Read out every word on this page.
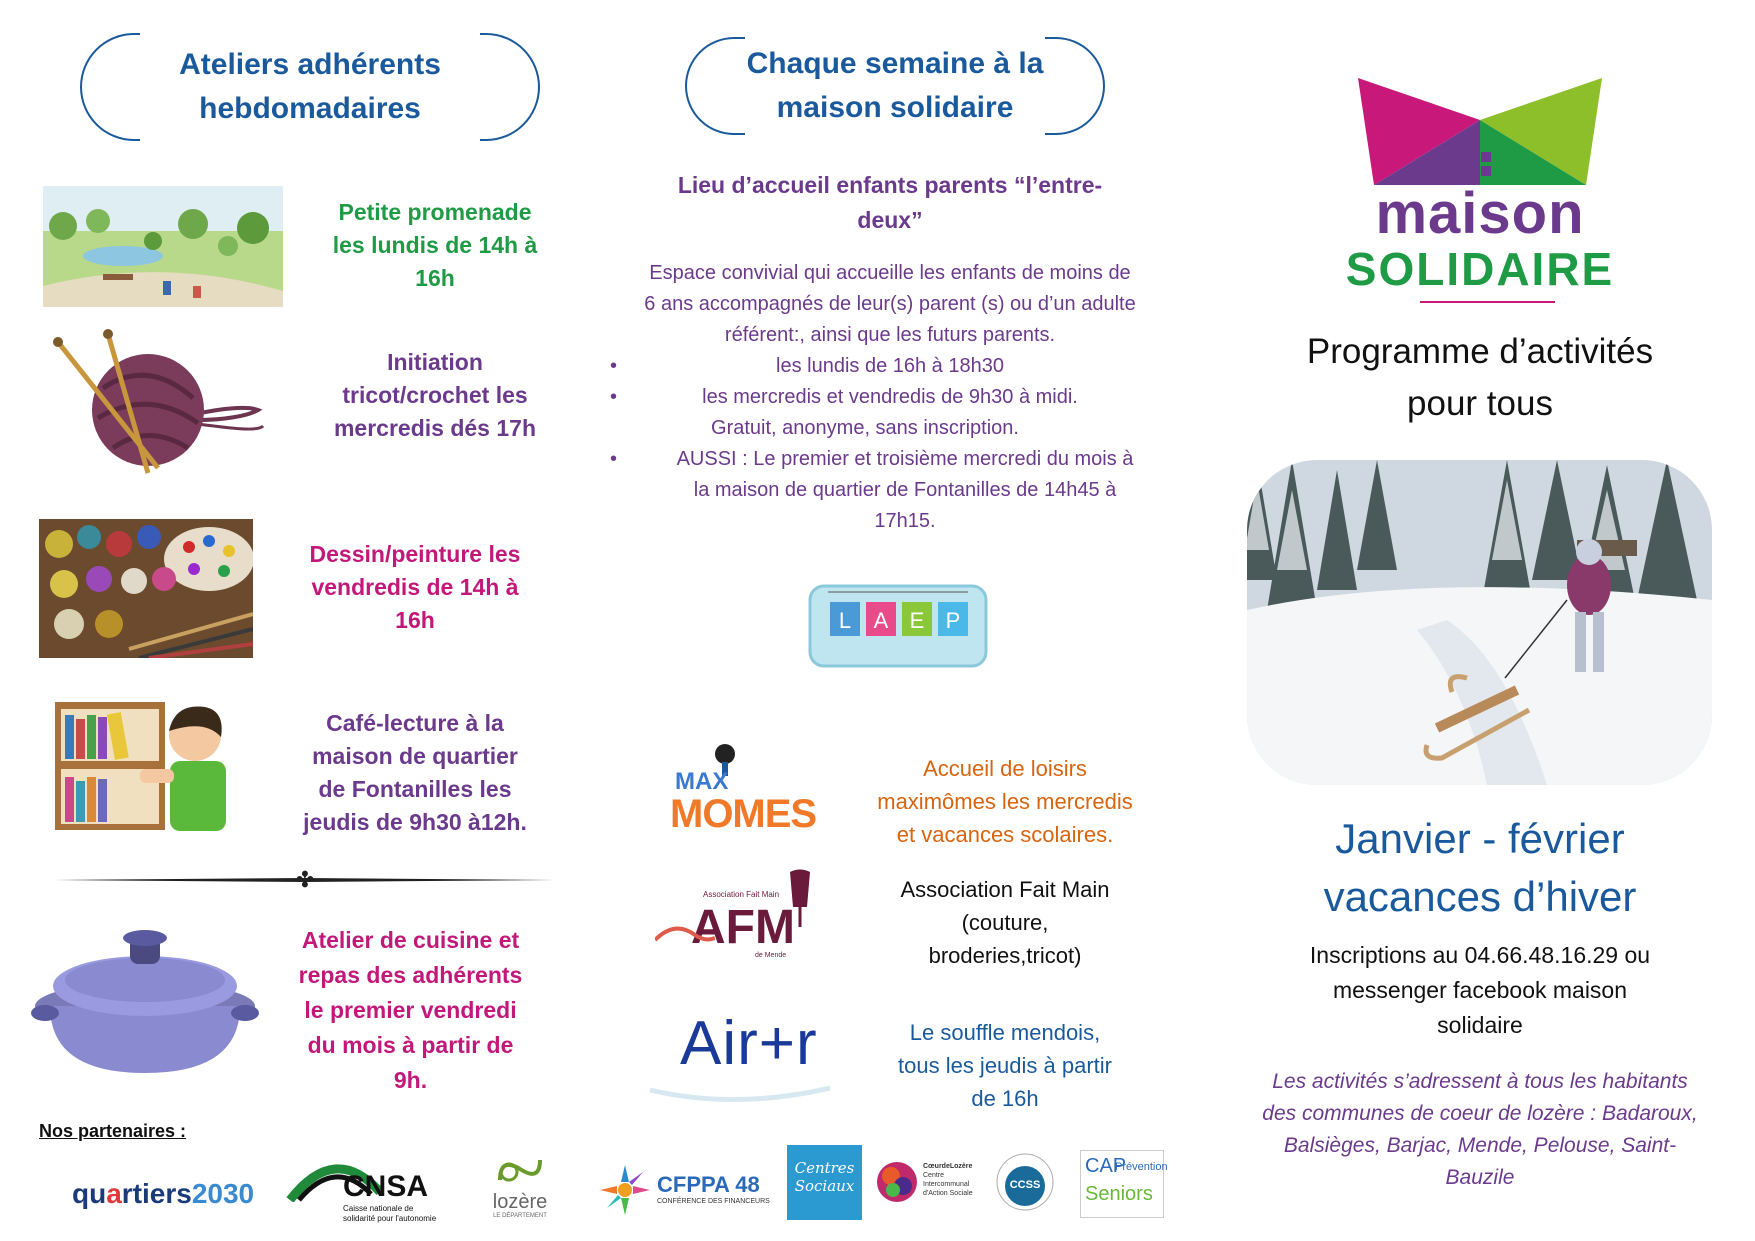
Ateliers adhérents
hebdomadaires
Petite promenade
les lundis de 14h à
16h
Initiation
tricot/crochet les
mercredis dés 17h
Dessin/peinture les
vendredis de 14h à
16h
Café-lecture à la
maison de quartier
de Fontanilles les
jeudis de 9h30 à12h.
✤
Atelier de cuisine et
repas des adhérents
le premier vendredi
du mois à partir de
9h.
Nos partenaires :
quartiers2030	CNSA
Caisse nationale de
solidarité pour l'autonomie
lozère
LE DÉPARTEMENT
Chaque semaine à la
maison solidaire
Lieu d’accueil enfants parents “l’entre-
deux”
Espace convivial qui accueille les enfants de moins de
6 ans accompagnés de leur(s) parent (s) ou d’un adulte
référent:, ainsi que les futurs parents.
• les lundis de 16h à 18h30
• les mercredis et vendredis de 9h30 à midi.
Gratuit, anonyme, sans inscription.
• AUSSI : Le premier et troisième mercredi du mois à
la maison de quartier de Fontanilles de 14h45 à
17h15.
L A E P
MAX
MOMES
Accueil de loisirs
maximômes les mercredis
et vacances scolaires.
Association Fait Main
AFM
de Mende
Association Fait Main
(couture,
broderies,tricot)
Air+r	Le souffle mendois,
tous les jeudis à partir
de 16h
CFPPA 48
CONFÉRENCE DES FINANCEURS
Centres
Sociaux
CœurdeLozère
Centre
Intercommunal
d'Action Sociale
CCSS
CAP
Prévention
Seniors
maison
SOLIDAIRE
Programme d’activités
pour tous
Janvier - février
vacances d’hiver
Inscriptions au 04.66.48.16.29 ou
messenger facebook maison
solidaire
Les activités s’adressent à tous les habitants
des communes de coeur de lozère : Badaroux,
Balsièges, Barjac, Mende, Pelouse, Saint-
Bauzile
